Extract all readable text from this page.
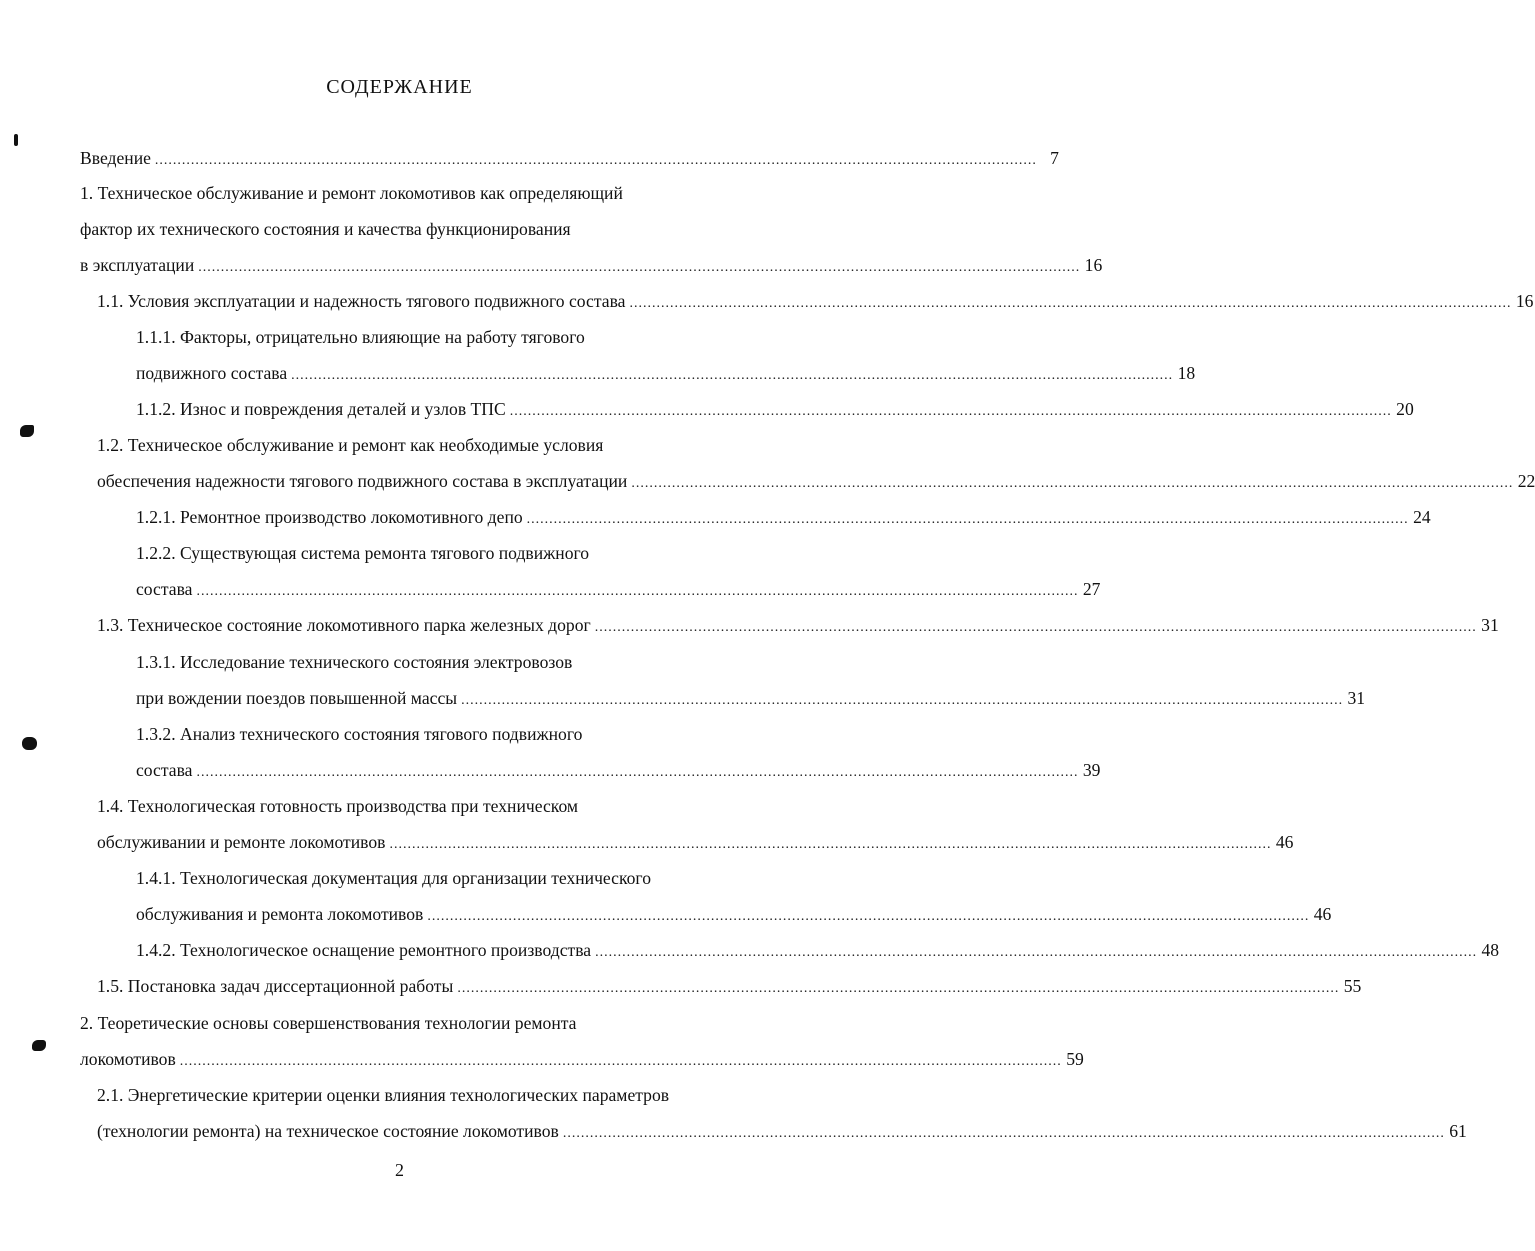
СОДЕРЖАНИЕ
Введение .................................................................................................................................................................................................... 7
1. Техническое обслуживание и ремонт локомотивов как определяющий
фактор их технического состояния и качества функционирования
в эксплуатации .................................................................................................................................................................................................... 16
1.1. Условия эксплуатации и надежность тягового подвижного состава .................................................................................................................................................................................................... 16
1.1.1. Факторы, отрицательно влияющие на работу тягового
подвижного состава .................................................................................................................................................................................................... 18
1.1.2. Износ и повреждения деталей и узлов ТПС .................................................................................................................................................................................................... 20
1.2. Техническое обслуживание и ремонт как необходимые условия
обеспечения надежности тягового подвижного состава в эксплуатации .................................................................................................................................................................................................... 22
1.2.1. Ремонтное производство локомотивного депо .................................................................................................................................................................................................... 24
1.2.2. Существующая система ремонта тягового подвижного
состава .................................................................................................................................................................................................... 27
1.3. Техническое состояние локомотивного парка железных дорог .................................................................................................................................................................................................... 31
1.3.1. Исследование технического состояния электровозов
при вождении поездов повышенной массы .................................................................................................................................................................................................... 31
1.3.2. Анализ технического состояния тягового подвижного
состава .................................................................................................................................................................................................... 39
1.4. Технологическая готовность производства при техническом
обслуживании и ремонте локомотивов .................................................................................................................................................................................................... 46
1.4.1. Технологическая документация для организации технического
обслуживания и ремонта локомотивов .................................................................................................................................................................................................... 46
1.4.2. Технологическое оснащение ремонтного производства .................................................................................................................................................................................................... 48
1.5. Постановка задач диссертационной работы .................................................................................................................................................................................................... 55
2. Теоретические основы совершенствования технологии ремонта
локомотивов .................................................................................................................................................................................................... 59
2.1. Энергетические критерии оценки влияния технологических параметров
(технологии ремонта) на техническое состояние локомотивов .................................................................................................................................................................................................... 61
2
